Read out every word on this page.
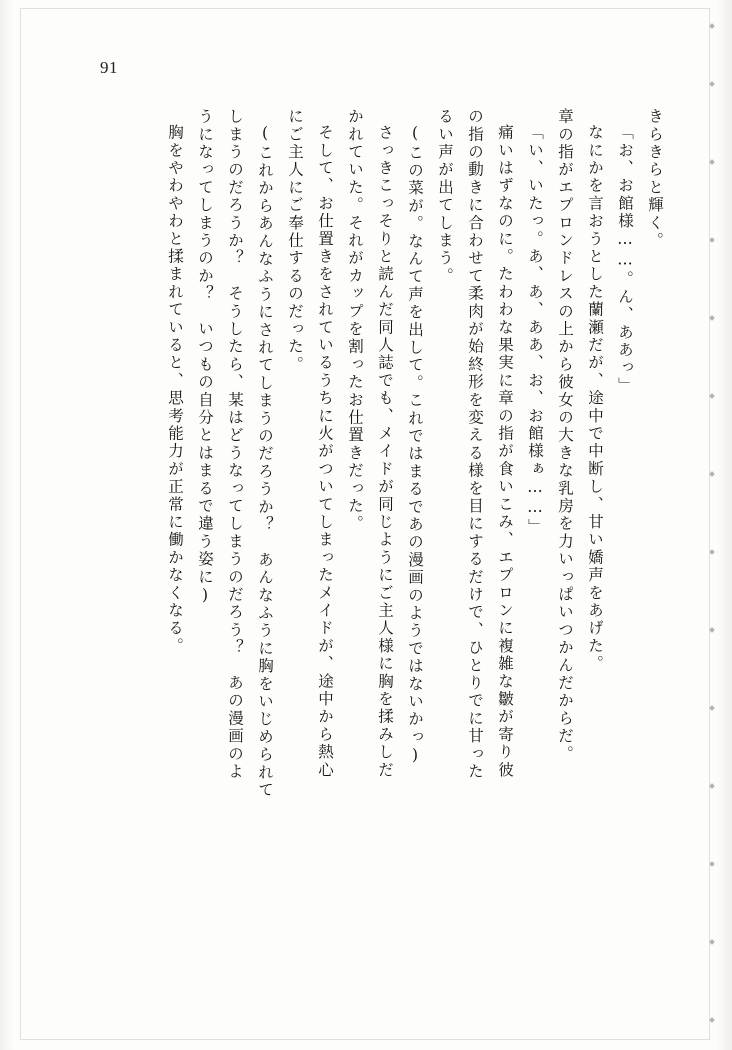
91
きらきらと輝く。
「お、お館様……。ん、ああっ」
なにかを言おうとした蘭瀬だが、途中で中断し、甘い嬌声をあげた。
章の指がエプロンドレスの上から彼女の大きな乳房を力いっぱいつかんだからだ。
「い、いたっ。あ、あ、ああ、お、お館様ぁ……」
痛いはずなのに。たわわな果実に章の指が食いこみ、エプロンに複雑な皺が寄り彼
の指の動きに合わせて柔肉が始終形を変える様を目にするだけで、ひとりでに甘った
るい声が出てしまう。
(この菜が。なんて声を出して。これではまるであの漫画のようではないかっ)
さっきこっそりと読んだ同人誌でも、メイドが同じようにご主人様に胸を揉みしだ
かれていた。それがカップを割ったお仕置きだった。
そして、お仕置きをされているうちに火がついてしまったメイドが、途中から熱心
にご主人にご奉仕するのだった。
(これからあんなふうにされてしまうのだろうか？　あんなふうに胸をいじめられて
しまうのだろうか？　そうしたら、某はどうなってしまうのだろう？　あの漫画のよ
うになってしまうのか？　いつもの自分とはまるで違う姿に)
胸をやわやわと揉まれていると、思考能力が正常に働かなくなる。
